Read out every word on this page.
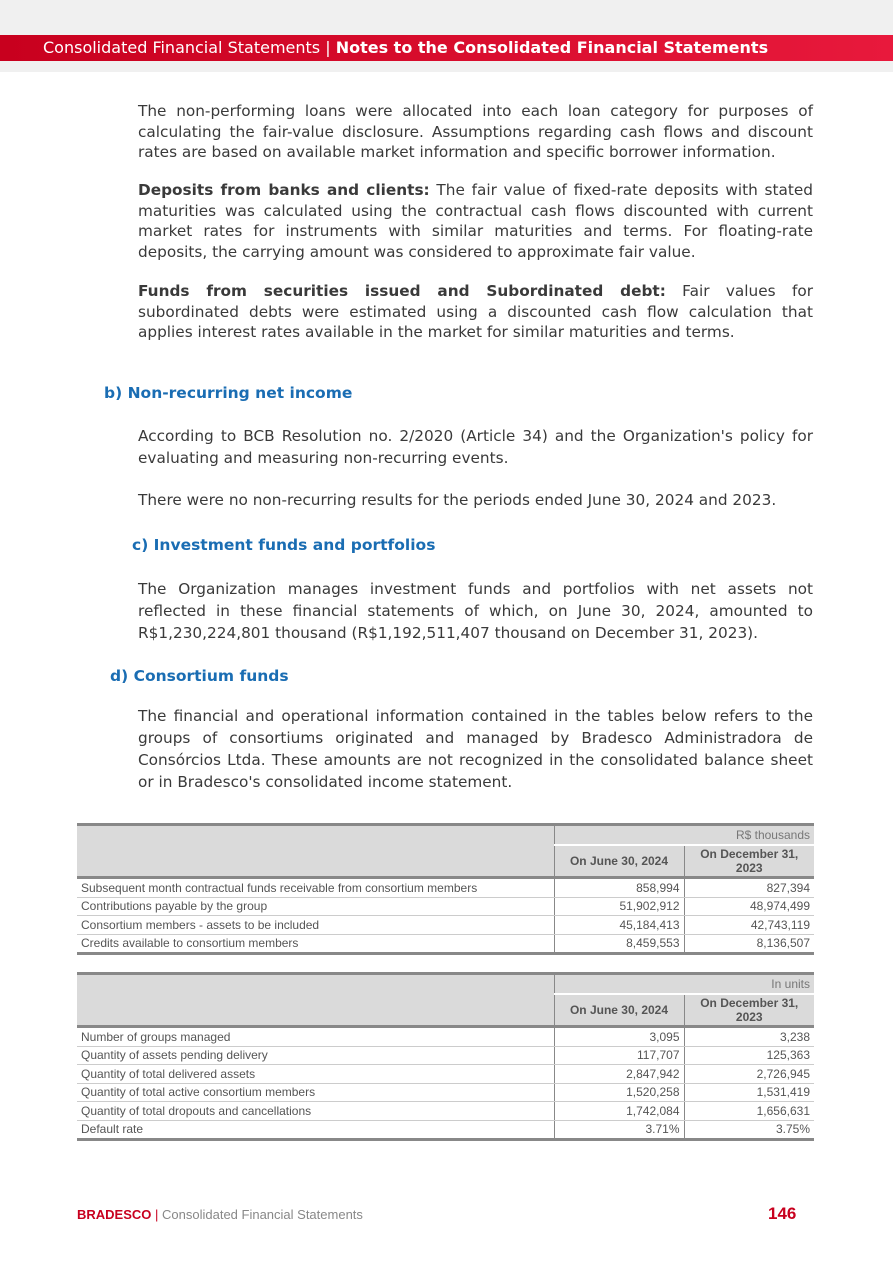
Consolidated Financial Statements | Notes to the Consolidated Financial Statements
The non-performing loans were allocated into each loan category for purposes of calculating the fair-value disclosure. Assumptions regarding cash flows and discount rates are based on available market information and specific borrower information.
Deposits from banks and clients: The fair value of fixed-rate deposits with stated maturities was calculated using the contractual cash flows discounted with current market rates for instruments with similar maturities and terms. For floating-rate deposits, the carrying amount was considered to approximate fair value.
Funds from securities issued and Subordinated debt: Fair values for subordinated debts were estimated using a discounted cash flow calculation that applies interest rates available in the market for similar maturities and terms.
b) Non-recurring net income
According to BCB Resolution no. 2/2020 (Article 34) and the Organization's policy for evaluating and measuring non-recurring events.
There were no non-recurring results for the periods ended June 30, 2024 and 2023.
c) Investment funds and portfolios
The Organization manages investment funds and portfolios with net assets not reflected in these financial statements of which, on June 30, 2024, amounted to R$1,230,224,801 thousand (R$1,192,511,407 thousand on December 31, 2023).
d) Consortium funds
The financial and operational information contained in the tables below refers to the groups of consortiums originated and managed by Bradesco Administradora de Consórcios Ltda. These amounts are not recognized in the consolidated balance sheet or in Bradesco's consolidated income statement.
	R$ thousands	
	On June 30, 2024	On December 31, 2023
Subsequent month contractual funds receivable from consortium members	858,994	827,394
Contributions payable by the group	51,902,912	48,974,499
Consortium members - assets to be included	45,184,413	42,743,119
Credits available to consortium members	8,459,553	8,136,507
	In units	
	On June 30, 2024	On December 31, 2023
Number of groups managed	3,095	3,238
Quantity of assets pending delivery	117,707	125,363
Quantity of total delivered assets	2,847,942	2,726,945
Quantity of total active consortium members	1,520,258	1,531,419
Quantity of total dropouts and cancellations	1,742,084	1,656,631
Default rate	3.71%	3.75%
BRADESCO | Consolidated Financial Statements	146
